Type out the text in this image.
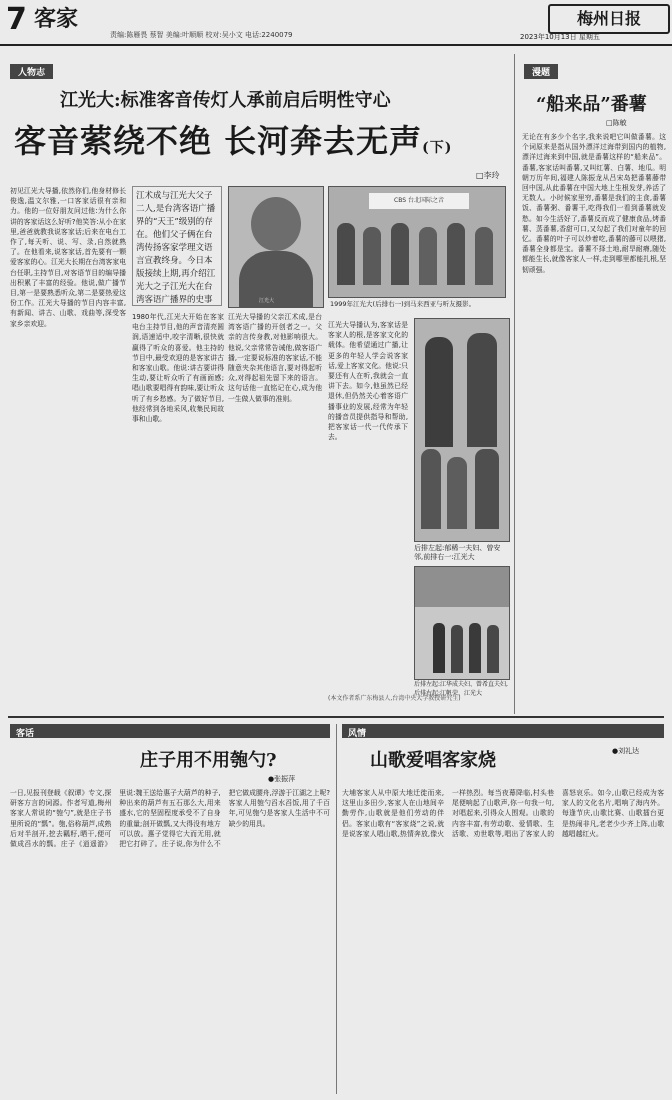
7 客家
责编:陈雁畏 蔡智 美编:叶顺顺 校对:吴小文 电话:2240079
梅州日报
2023年10月13日 星期五
人物志
江光大:标准客音传灯人承前启后明性守心
客音萦绕不绝 长河奔去无声(下)
□李玲
江术成与江光大父子二人,是台湾客语广播界的“天王”级别的存在。他们父子俩在台湾传扬客家学理文语言宣教终身。今日本版接续上期,再介绍江光大之子江光大在台湾客语广播界的史事	江光大
CBS 台北国际之音
1999年江光大(后排右一)到马来西亚与听友摄影。
初见江光大导播,依然你们,他身材修长俊逸,温文尔雅,一口客家话很有亲和力。他的一位好朋友问过他:为什么你讲的客家话这么好听?他笑答:从小在家里,爸爸就教我说客家话;后来在电台工作了,每天听、说、写、录,自然就熟了。在他看来,说客家话,首先要有一颗爱客家的心。江光大长期在台湾客家电台任职,主持节目,对客语节目的编导播出积累了丰富的经验。他说,做广播节目,第一是要熟悉听众,第二是要热爱这份工作。江光大导播的节目内容丰富,有新闻、讲古、山歌、戏曲等,深受客家乡亲欢迎。
1980年代,江光大开始在客家电台主持节目,他的声音清亮圆润,语速适中,咬字清晰,很快就赢得了听众的喜爱。他主持的节目中,最受欢迎的是客家讲古和客家山歌。他说:讲古要讲得生动,要让听众听了有画面感;唱山歌要唱得有韵味,要让听众听了有乡愁感。为了做好节目,他经常到各地采风,收集民间故事和山歌。
江光大导播的父亲江术成,是台湾客语广播的开创者之一。父亲的言传身教,对他影响很大。他说,父亲常常告诫他,做客语广播,一定要说标准的客家话,不能随意夹杂其他语言,要对得起听众,对得起祖先留下来的语言。这句话他一直铭记在心,成为他一生做人做事的准则。
江光大导播认为,客家话是客家人的根,是客家文化的载体。他希望通过广播,让更多的年轻人学会说客家话,爱上客家文化。他说:只要还有人在听,我就会一直讲下去。如今,他虽然已经退休,但仍然关心着客语广播事业的发展,经常为年轻的播音员提供指导和帮助,把客家话一代一代传承下去。
后排左起:郁稀一夫妇、曾安邻,前排右一:江光大
后排左起:江华成夫妇、曾希直夫妇,后排右起:江帆荣、江光大
(本文作者系广东梅县人,台湾中央大学教授研究生)
漫题
“船来品”番薯
□陈敏
无论在有多少个名字,我来说吧它叫做番薯。这个词原来是指从国外漂洋过海带到国内的植物,漂洋过海来到中国,就是番薯这样的“船来品”。番薯,客家话叫番薯,又叫红薯、白薯、地瓜。明朝万历年间,福建人陈振龙从吕宋岛把番薯藤带回中国,从此番薯在中国大地上生根发芽,养活了无数人。小时候家里穷,番薯是我们的主食,番薯饭、番薯粥、番薯干,吃得我们一看到番薯就发愁。如今生活好了,番薯反而成了健康食品,烤番薯、蒸番薯,香甜可口,又勾起了我们对童年的回忆。番薯的叶子可以炒着吃,番薯的藤可以喂猪,番薯全身都是宝。番薯不择土地,耐旱耐瘠,随处都能生长,就像客家人一样,走到哪里都能扎根,坚韧顽强。
客话
庄子用不用匏勺?
●张振萍
一日,见报刊登载《叙谭》专文,探研客方言的词源。作者写道,梅州客家人常说的“匏勺”,就是庄子书里所说的“瓢”。匏,俗称葫芦,成熟后对半剖开,挖去瓤籽,晒干,便可做成舀水的瓢。庄子《逍遥游》里说:魏王送给惠子大葫芦的种子,种出来的葫芦有五石那么大,用来盛水,它的坚固程度承受不了自身的重量;剖开做瓢,又大得没有地方可以放。惠子觉得它大而无用,就把它打碎了。庄子说,你为什么不把它做成腰舟,浮游于江湖之上呢?客家人用匏勺舀水舀饭,用了千百年,可见匏勺是客家人生活中不可缺少的用具。
风情
山歌爱唱客家烧	●刘礼达
大埔客家人从中原大地迁徙而来,这里山多田少,客家人在山地间辛勤劳作,山歌就是他们劳动的伴侣。客家山歌有“客家烧”之说,就是说客家人唱山歌,热情奔放,像火一样热烈。每当夜幕降临,村头巷尾便响起了山歌声,你一句我一句,对唱起来,引得众人围观。山歌的内容丰富,有劳动歌、爱情歌、生活歌、劝世歌等,唱出了客家人的喜怒哀乐。如今,山歌已经成为客家人的文化名片,唱响了海内外。每逢节庆,山歌比赛、山歌擂台更是热闹非凡,老老少少齐上阵,山歌越唱越红火。
